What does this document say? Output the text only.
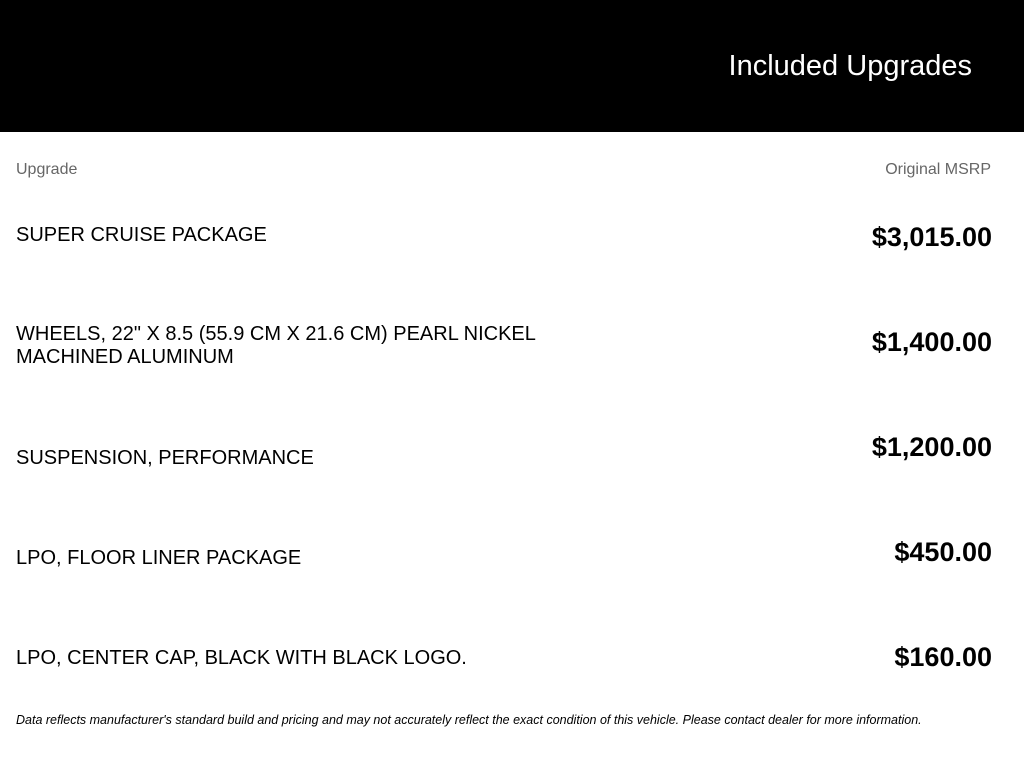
Included Upgrades
Upgrade	Original MSRP
SUPER CRUISE PACKAGE	$3,015.00
WHEELS, 22" X 8.5 (55.9 CM X 21.6 CM) PEARL NICKEL MACHINED ALUMINUM	$1,400.00
SUSPENSION, PERFORMANCE	$1,200.00
LPO, FLOOR LINER PACKAGE	$450.00
LPO, CENTER CAP, BLACK WITH BLACK LOGO.	$160.00
Data reflects manufacturer's standard build and pricing and may not accurately reflect the exact condition of this vehicle. Please contact dealer for more information.
